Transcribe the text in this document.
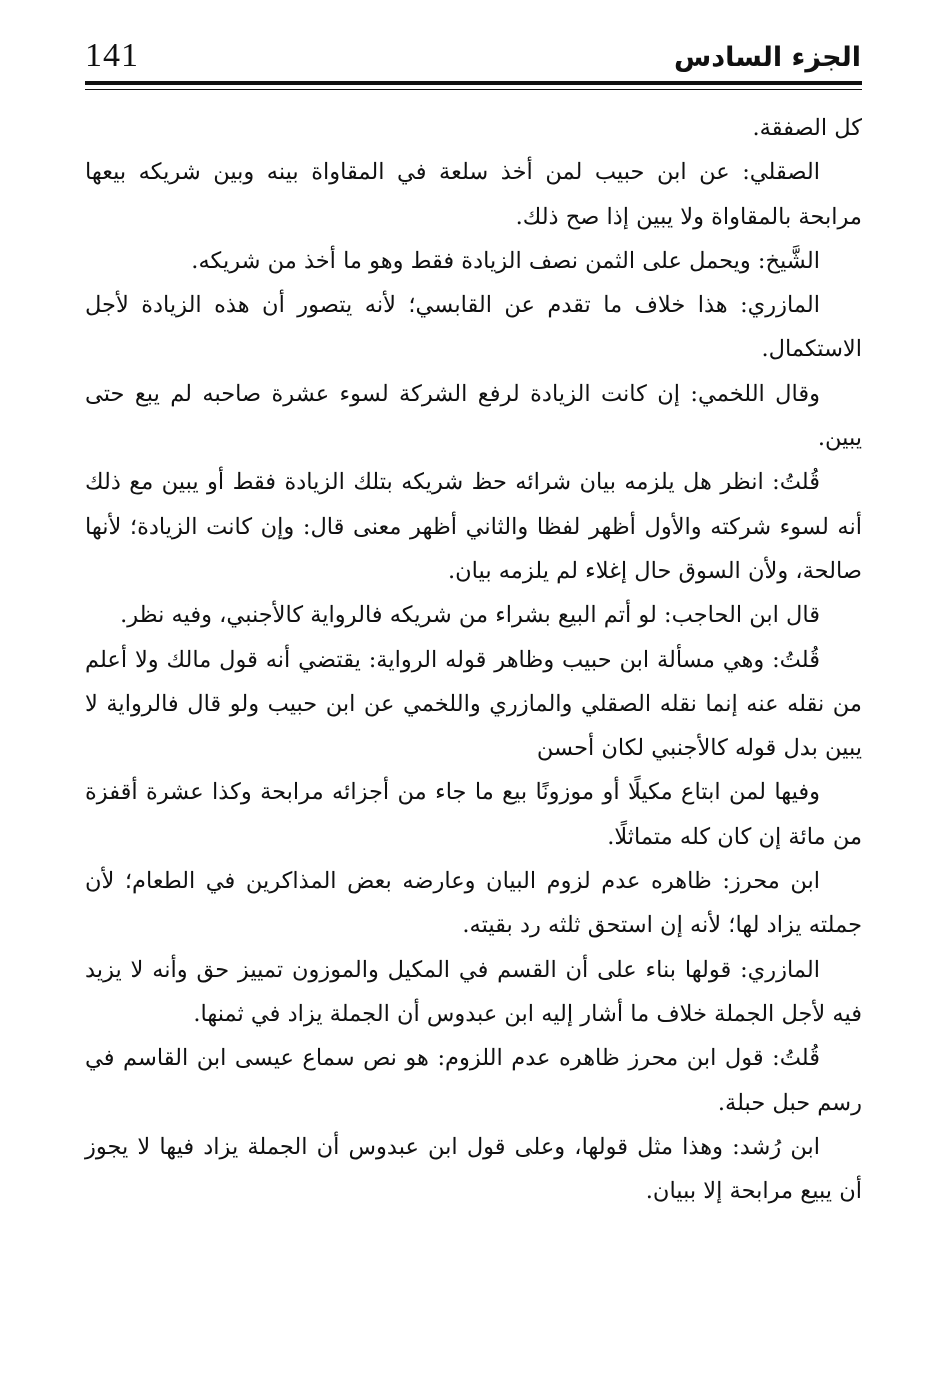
141	الجزء السادس

كل الصفقة.

الصقلي: عن ابن حبيب لمن أخذ سلعة في المقاواة بينه وبين شريكه بيعها مرابحة بالمقاواة ولا يبين إذا صح ذلك.

الشَّيخ: ويحمل على الثمن نصف الزيادة فقط وهو ما أخذ من شريكه.

المازري: هذا خلاف ما تقدم عن القابسي؛ لأنه يتصور أن هذه الزيادة لأجل الاستكمال.

وقال اللخمي: إن كانت الزيادة لرفع الشركة لسوء عشرة صاحبه لم يبع حتى يبين.

قُلتُ: انظر هل يلزمه بيان شرائه حظ شريكه بتلك الزيادة فقط أو يبين مع ذلك أنه لسوء شركته والأول أظهر لفظا والثاني أظهر معنى قال: وإن كانت الزيادة؛ لأنها صالحة، ولأن السوق حال إغلاء لم يلزمه بيان.

قال ابن الحاجب: لو أتم البيع بشراء من شريكه فالرواية كالأجنبي، وفيه نظر.

قُلتُ: وهي مسألة ابن حبيب وظاهر قوله الرواية: يقتضي أنه قول مالك ولا أعلم من نقله عنه إنما نقله الصقلي والمازري واللخمي عن ابن حبيب ولو قال فالرواية لا يبين بدل قوله كالأجنبي لكان أحسن

وفيها لمن ابتاع مكيلًا أو موزونًا بيع ما جاء من أجزائه مرابحة وكذا عشرة أقفزة من مائة إن كان كله متماثلًا.

ابن محرز: ظاهره عدم لزوم البيان وعارضه بعض المذاكرين في الطعام؛ لأن جملته يزاد لها؛ لأنه إن استحق ثلثه رد بقيته.

المازري: قولها بناء على أن القسم في المكيل والموزون تمييز حق وأنه لا يزيد فيه لأجل الجملة خلاف ما أشار إليه ابن عبدوس أن الجملة يزاد في ثمنها.

قُلتُ: قول ابن محرز ظاهره عدم اللزوم: هو نص سماع عيسى ابن القاسم في رسم حبل حبلة.

ابن رُشد: وهذا مثل قولها، وعلى قول ابن عبدوس أن الجملة يزاد فيها لا يجوز أن يبيع مرابحة إلا ببيان.
